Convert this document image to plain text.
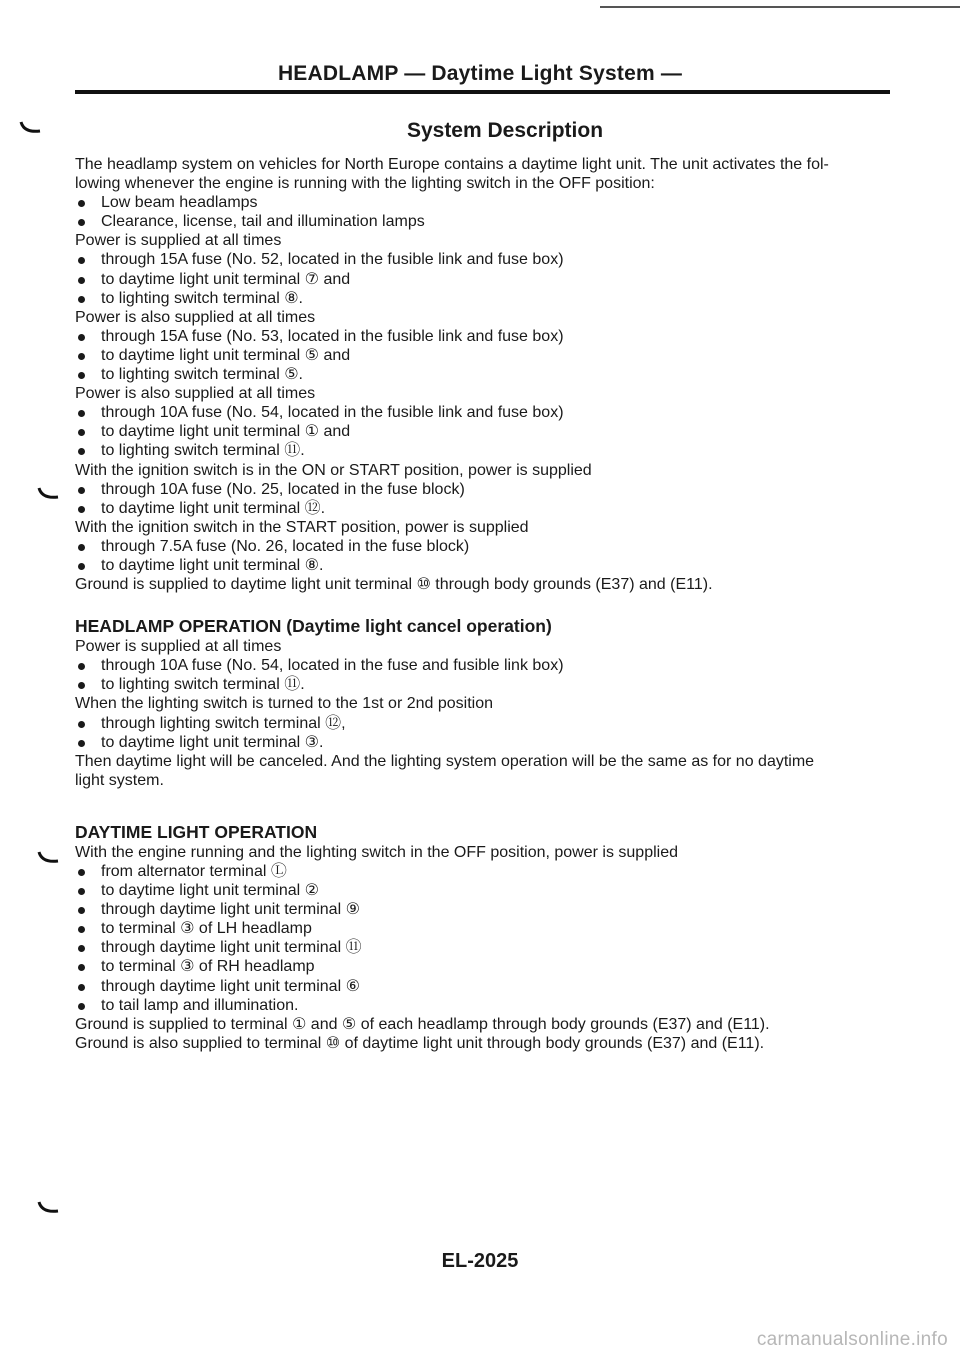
HEADLAMP — Daytime Light System —
System Description
The headlamp system on vehicles for North Europe contains a daytime light unit. The unit activates the fol-
lowing whenever the engine is running with the lighting switch in the OFF position:
Low beam headlamps
Clearance, license, tail and illumination lamps
Power is supplied at all times
through 15A fuse (No. 52, located in the fusible link and fuse box)
to daytime light unit terminal ⑦ and
to lighting switch terminal ⑧.
Power is also supplied at all times
through 15A fuse (No. 53, located in the fusible link and fuse box)
to daytime light unit terminal ⑤ and
to lighting switch terminal ⑤.
Power is also supplied at all times
through 10A fuse (No. 54, located in the fusible link and fuse box)
to daytime light unit terminal ① and
to lighting switch terminal ⑪.
With the ignition switch is in the ON or START position, power is supplied
through 10A fuse (No. 25, located in the fuse block)
to daytime light unit terminal ⑫.
With the ignition switch in the START position, power is supplied
through 7.5A fuse (No. 26, located in the fuse block)
to daytime light unit terminal ⑧.
Ground is supplied to daytime light unit terminal ⑩ through body grounds (E37) and (E11).
HEADLAMP OPERATION (Daytime light cancel operation)
Power is supplied at all times
through 10A fuse (No. 54, located in the fuse and fusible link box)
to lighting switch terminal ⑪.
When the lighting switch is turned to the 1st or 2nd position
through lighting switch terminal ⑫,
to daytime light unit terminal ③.
Then daytime light will be canceled. And the lighting system operation will be the same as for no daytime
light system.
DAYTIME LIGHT OPERATION
With the engine running and the lighting switch in the OFF position, power is supplied
from alternator terminal Ⓛ
to daytime light unit terminal ②
through daytime light unit terminal ⑨
to terminal ③ of LH headlamp
through daytime light unit terminal ⑪
to terminal ③ of RH headlamp
through daytime light unit terminal ⑥
to tail lamp and illumination.
Ground is supplied to terminal ① and ⑤ of each headlamp through body grounds (E37) and (E11).
Ground is also supplied to terminal ⑩ of daytime light unit through body grounds (E37) and (E11).
EL-2025
carmanualsonline.info
